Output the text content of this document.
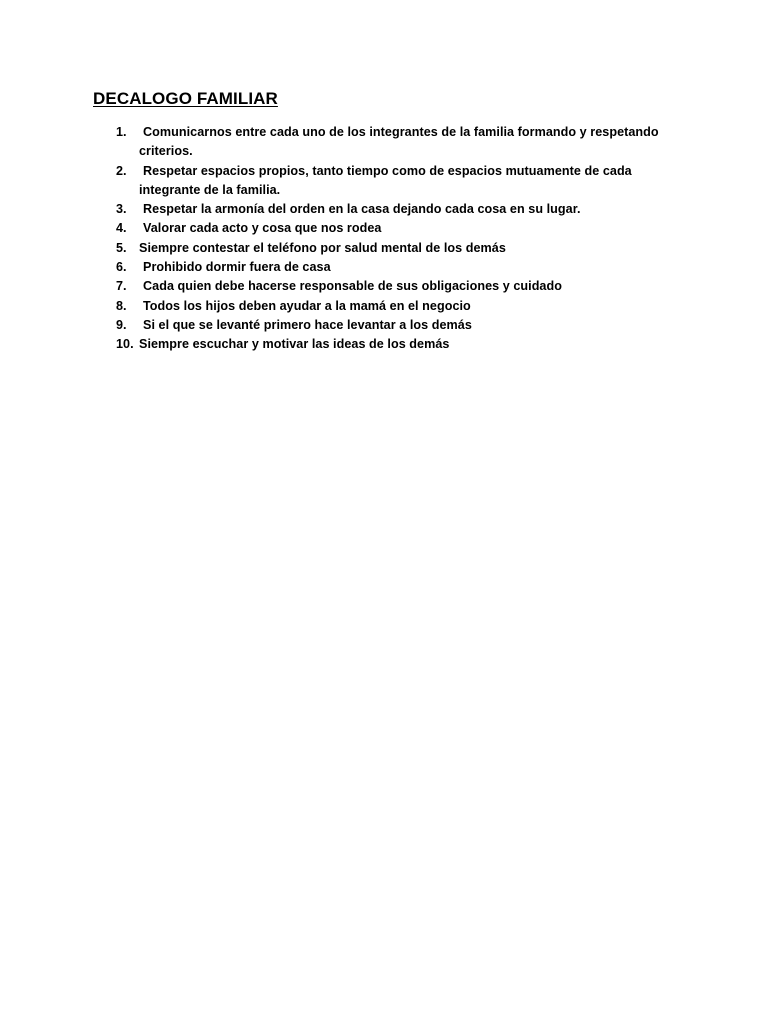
DECALOGO FAMILIAR
1.	Comunicarnos entre cada uno de los integrantes de la familia formando y respetando criterios.
2.	Respetar espacios propios, tanto tiempo como de espacios mutuamente de cada integrante de la familia.
3.	Respetar la armonía del orden en la casa dejando cada cosa en su lugar.
4.	Valorar cada acto y cosa que nos rodea
5. Siempre contestar el teléfono por salud mental de los demás
6.	Prohibido dormir fuera de casa
7.	Cada quien debe hacerse responsable de sus obligaciones y cuidado
8.	Todos los hijos deben ayudar a la mamá en el negocio
9.	Si el que se levanté primero hace levantar a los demás
10. Siempre escuchar y motivar las ideas de los demás
